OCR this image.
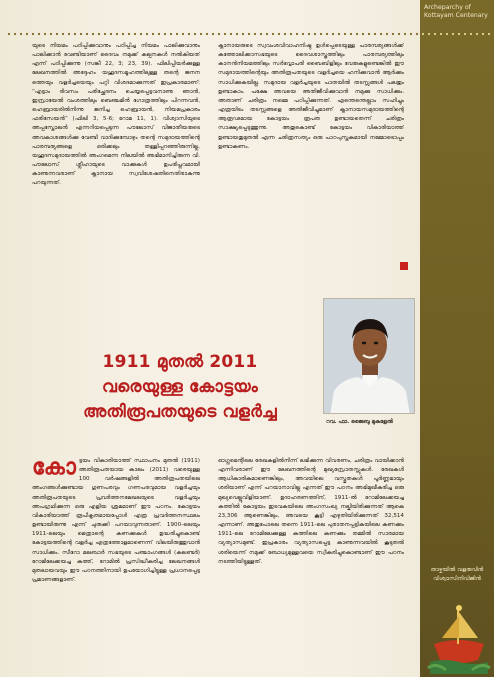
Archeparchy of
Kottayam Centenary

യുടെ നിയമം പഠിപ്പിക്കുവാനും പഠിപ്പിച്ച നിയമം പാലിക്കുവാനും പാലിക്കാൻ വേണ്ടിയാണ് ദൈവം നമുക്ക് കല്പനകൾ നൽകിയത് എന്ന് പഠിപ്പിക്കുന്നു (സങ്കീ 22, 3; 23, 39). ഫിലിപ്പിയർക്കുള്ള ലേഖനത്തിൽ അദ്ദേഹം യഹൂദസമൂഹത്തിലുള്ള തന്റെ ജനന ത്തെയും വളർച്ചയെയും പറ്റി വിശദമാക്കുന്നത് ഇപ്രകാരമാണ്: “എട്ടാം ദിവസം പരിച്ഛേദനം ചെയ്യപ്പെട്ടവനാണു ഞാൻ, ഇസ്രായേൽ വംശത്തിലും ബെഞ്ചമിൻ ഗോത്രത്തിലും പിറന്നവൻ, ഹെബ്രായരിൽനിന്നു ജനിച്ച ഹെബ്രായൻ, നിയമപ്രകാരം ഫരിസേയൻ” (ഫിലി 3, 5-6; റോമ 11, 1). വിശ്വാസിയുടെ അപ്പസ്തോലൻ എന്നറിയപ്പെടുന്ന പൗലോസ് വിജാതീയരുടെ അവകാശങ്ങൾക്കു വേണ്ടി വാദിക്കുമ്പോഴും തന്റെ സമുദായത്തിന്റെ പാരമ്പര്യങ്ങളെ ഒരിക്കലും തള്ളിപ്പറഞ്ഞിരുന്നില്ല. യഹൂദസമുദായത്തിൽ അംഗമെന്ന നിലയിൽ അഭിമാനിച്ചിരുന്ന വി. പൗലോസ് ശ്ലീഹായുടെ വാക്കുകൾ ഉപരിപ്ലവമായി കാണുന്നവരാണ് ക്നാനായ സ്വവിശേഷതിനെതിരാകുന്നു പറയുന്നത്.

ക്നാനായരുടെ സ്വവംശവിവാഹനിഷ്ഠ ഉൾപ്പെടെയുള്ള പാരമ്പര്യങ്ങൾക്ക് കത്തോലിക്കാസഭയുടെ ദൈവശാസ്ത്രത്തിലും പാരമ്പര്യത്തിലും കാനൻനിയമത്തിലും സർവ്വോപരി ബൈബിളിലും വേരുകളുണ്ടെങ്കിൽ ഈ സമുദായത്തിന്റെയും അതിരൂപതയുടെ വളർച്ചയെ ഹനിക്കുവാൻ ആർക്കും സാധിക്കുകയില്ല. സമുദായ വളർച്ചയുടെ പാതയിൽ തടസ്സങ്ങൾ പലതും ഉണ്ടാകാം. പക്ഷേ അവയെ അതിജീവിക്കുവാൻ നമുക്കു സാധിക്കും. അതാണ് ചരിത്രം നമ്മെ പഠിപ്പിക്കുന്നത്. എന്തെന്തെല്ലാം സഹിച്ചും എത്രയിടം തടസ്സങ്ങളെ അതിജീവിച്ചുമാണ് ക്നാനായസമുദായത്തിന്റെ ആരൂഢമായ കോട്ടയം രൂപത ഉണ്ടായതെന്ന് ചരിത്രം സാക്ഷ്യപ്പെടുത്തുന്നു. അതുകൊണ്ട് കോട്ടയം വികാരിയാത്ത് ഉണ്ടായതുമുതൽ എന്ന ചരിത്രസത്യം ഒരു പാഠപുസ്തകമായി നമ്മോടൊപ്പം ഉണ്ടാകണം.

1911 മുതൽ 2011
വരെയുള്ള കോട്ടയം
അതിരൂപതയുടെ വളർച്ച	റവ. ഫാ. ജൈബു മുകളേൽ
കോ ട്ടയം വികാരിയാത്ത് സ്ഥാപനം മുതൽ (1911) അതിരൂപതയായ കാലം (2011) വരെയുള്ള 100 വർഷങ്ങളിൽ അതിരൂപതയിലെ അംഗങ്ങൾക്കുണ്ടായ ഗുണപരവും ഗണപരവുമായ വളർച്ചയും അതിരൂപതയുടെ പ്രവർത്തനമേഖലയുടെ വളർച്ചയും അപഗ്രഥിക്കുന്ന ഒരു എളിയ ശ്രമമാണ് ഈ പഠനം. കോട്ടയം വികാരിയാത്ത് രൂപീകൃതമായപ്പോൾ എത്ര പ്രവർത്തനസ്ഥലം ഉണ്ടായിരുന്നു എന്ന് ചുരുക്കി പറയാവുന്നതാണ്. 1900-ലെയും 1911-ലെയും മെത്രാന്റെ കണക്കുകൾ ഉദ്ധരിച്ചുകൊണ്ട് കോട്ടയത്തിന്റെ വളർച്ച എത്രത്തോളമാണെന്ന് വിലയിരുത്തുവാൻ സാധിക്കും. സീറോ മലബാർ സഭയുടെ പഞ്ചാംഗങ്ങൾ (കലണ്ടർ) റോമിലേക്കയച്ച കത്ത്, റോമിൽ പ്രസിദ്ധീകരിച്ച ലേഖനങ്ങൾ മുതലായവയും ഈ പഠനത്തിനായി ഉപയോഗിച്ചിട്ടുള്ള പ്രധാനപ്പെട്ട പ്രമാണങ്ങളാണ്.

ഓഗ്ലമെന്റിലെ രേഖകളിൽനിന്ന് ലഭിക്കുന്ന വിവരണം, ചരിത്രം വായിക്കാൻ എന്നിവരാണ് ഈ ലേഖനത്തിന്റെ മുഖ്യസ്രോതസ്സുകൾ. രേഖകൾ ആധികാരികമാണെങ്കിലും, അവയിലെ വസ്തുതകൾ പൂർണ്ണമായും ശരിയാണ് എന്ന് പറയാനാവില്ല എന്നത് ഈ പഠനം അഭിമുഖീകരിച്ച ഒരു മുഖ്യവെല്ലുവിളിയാണ്. ഉദാഹരണത്തിന്, 1911-ൽ റോമിലേക്കയച്ച കത്തിൽ കോട്ടയം ഇടവകയിലെ അംഗസംഖ്യ നല്കിയിരിക്കുന്നത് ആകെ 23,306 ആണെങ്കിലും, അവയെ കൂട്ടി എഴുതിയിരിക്കുന്നത് 32,514 എന്നാണ്. അതുപോലെ തന്നെ 1911-ലെ പുരാതനപ്പട്ടികയിലെ കണക്കും 1911-ലെ റോമിലേക്കുള്ള കത്തിലെ കണക്കും തമ്മിൽ സാരമായ വ്യത്യാസമുണ്ട്. ഇപ്രകാരം വ്യത്യാസപ്പെട്ട കാണുന്നവയിൽ കൂടുതൽ ശരിയെന്ന് നമുക്ക് ബോധ്യമുള്ളവയെ സ്വീകരിച്ചുകൊണ്ടാണ് ഈ പഠനം നടത്തിയിട്ടുള്ളത്.

താഴ്ചയിൽ വളരുവിൻ വിശ്വാസിനിവിജിൻ
